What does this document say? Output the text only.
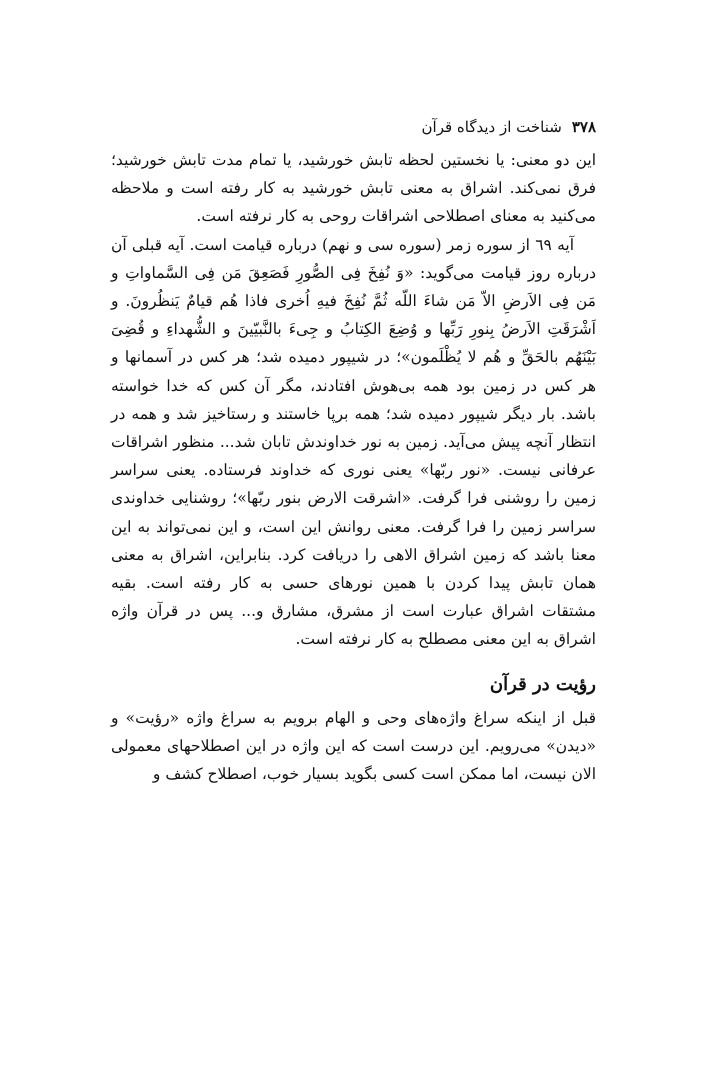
۳۷۸
شناخت از دیدگاه قرآن

این دو معنی: یا نخستین لحظه تابش خورشید، یا تمام مدت تابش خورشید؛ فرق نمی‌کند. اشراق به معنی تابش خورشید به کار رفته است و ملاحظه می‌کنید به معنای اصطلاحی اشراقات روحی به کار نرفته است.

آیه ٦٩ از سوره زمر (سوره سی و نهم) درباره قیامت است. آیه قبلی آن درباره روز قیامت می‌گوید: «وَ نُفِخَ فِی الصُّورِ فَصَعِقَ مَن فِی السَّماواتِ و مَن فِی الاَرضِ الاّ مَن شاءَ اللّه ثُمَّ نُفِخَ فیهِ اُخری فاذا هُم قیامٌ یَنظُرونَ. و اَشْرَقَتِ الاَرضُ بِنورِ رَبِّها و وُضِعَ الکِتابُ و جِیءَ بالنَّبیّینَ و الشُّهداءِ و قُضِیَ بَیْنَهُم بالحَقِّ و هُم لا یُظْلَمون»؛ در شیپور دمیده شد؛ هر کس در آسمانها و هر کس در زمین بود همه بی‌هوش افتادند، مگر آن کس که خدا خواسته باشد. بار دیگر شیپور دمیده شد؛ همه برپا خاستند و رستاخیز شد و همه در انتظار آنچه پیش می‌آید. زمین به نور خداوندش تابان شد... منظور اشراقات عرفانی نیست. «نور ربّها» یعنی نوری که خداوند فرستاده. یعنی سراسر زمین را روشنی فرا گرفت. «اشرقت الارض بنور ربّها»؛ روشنایی خداوندی سراسر زمین را فرا گرفت. معنی روانش این است، و این نمی‌تواند به این معنا باشد که زمین اشراق الاهی را دریافت کرد. بنابراین، اشراق به معنی همان تابش پیدا کردن با همین نورهای حسی به کار رفته است. بقیه مشتقات اشراق عبارت است از مشرق، مشارق و... پس در قرآن واژه اشراق به این معنی مصطلح به کار نرفته است.

رؤیت در قرآن

قبل از اینکه سراغ واژه‌های وحی و الهام برویم به سراغ واژه «رؤیت» و «دیدن» می‌رویم. این درست است که این واژه در این اصطلاحهای معمولی الان نیست، اما ممکن است کسی بگوید بسیار خوب، اصطلاح کشف و
